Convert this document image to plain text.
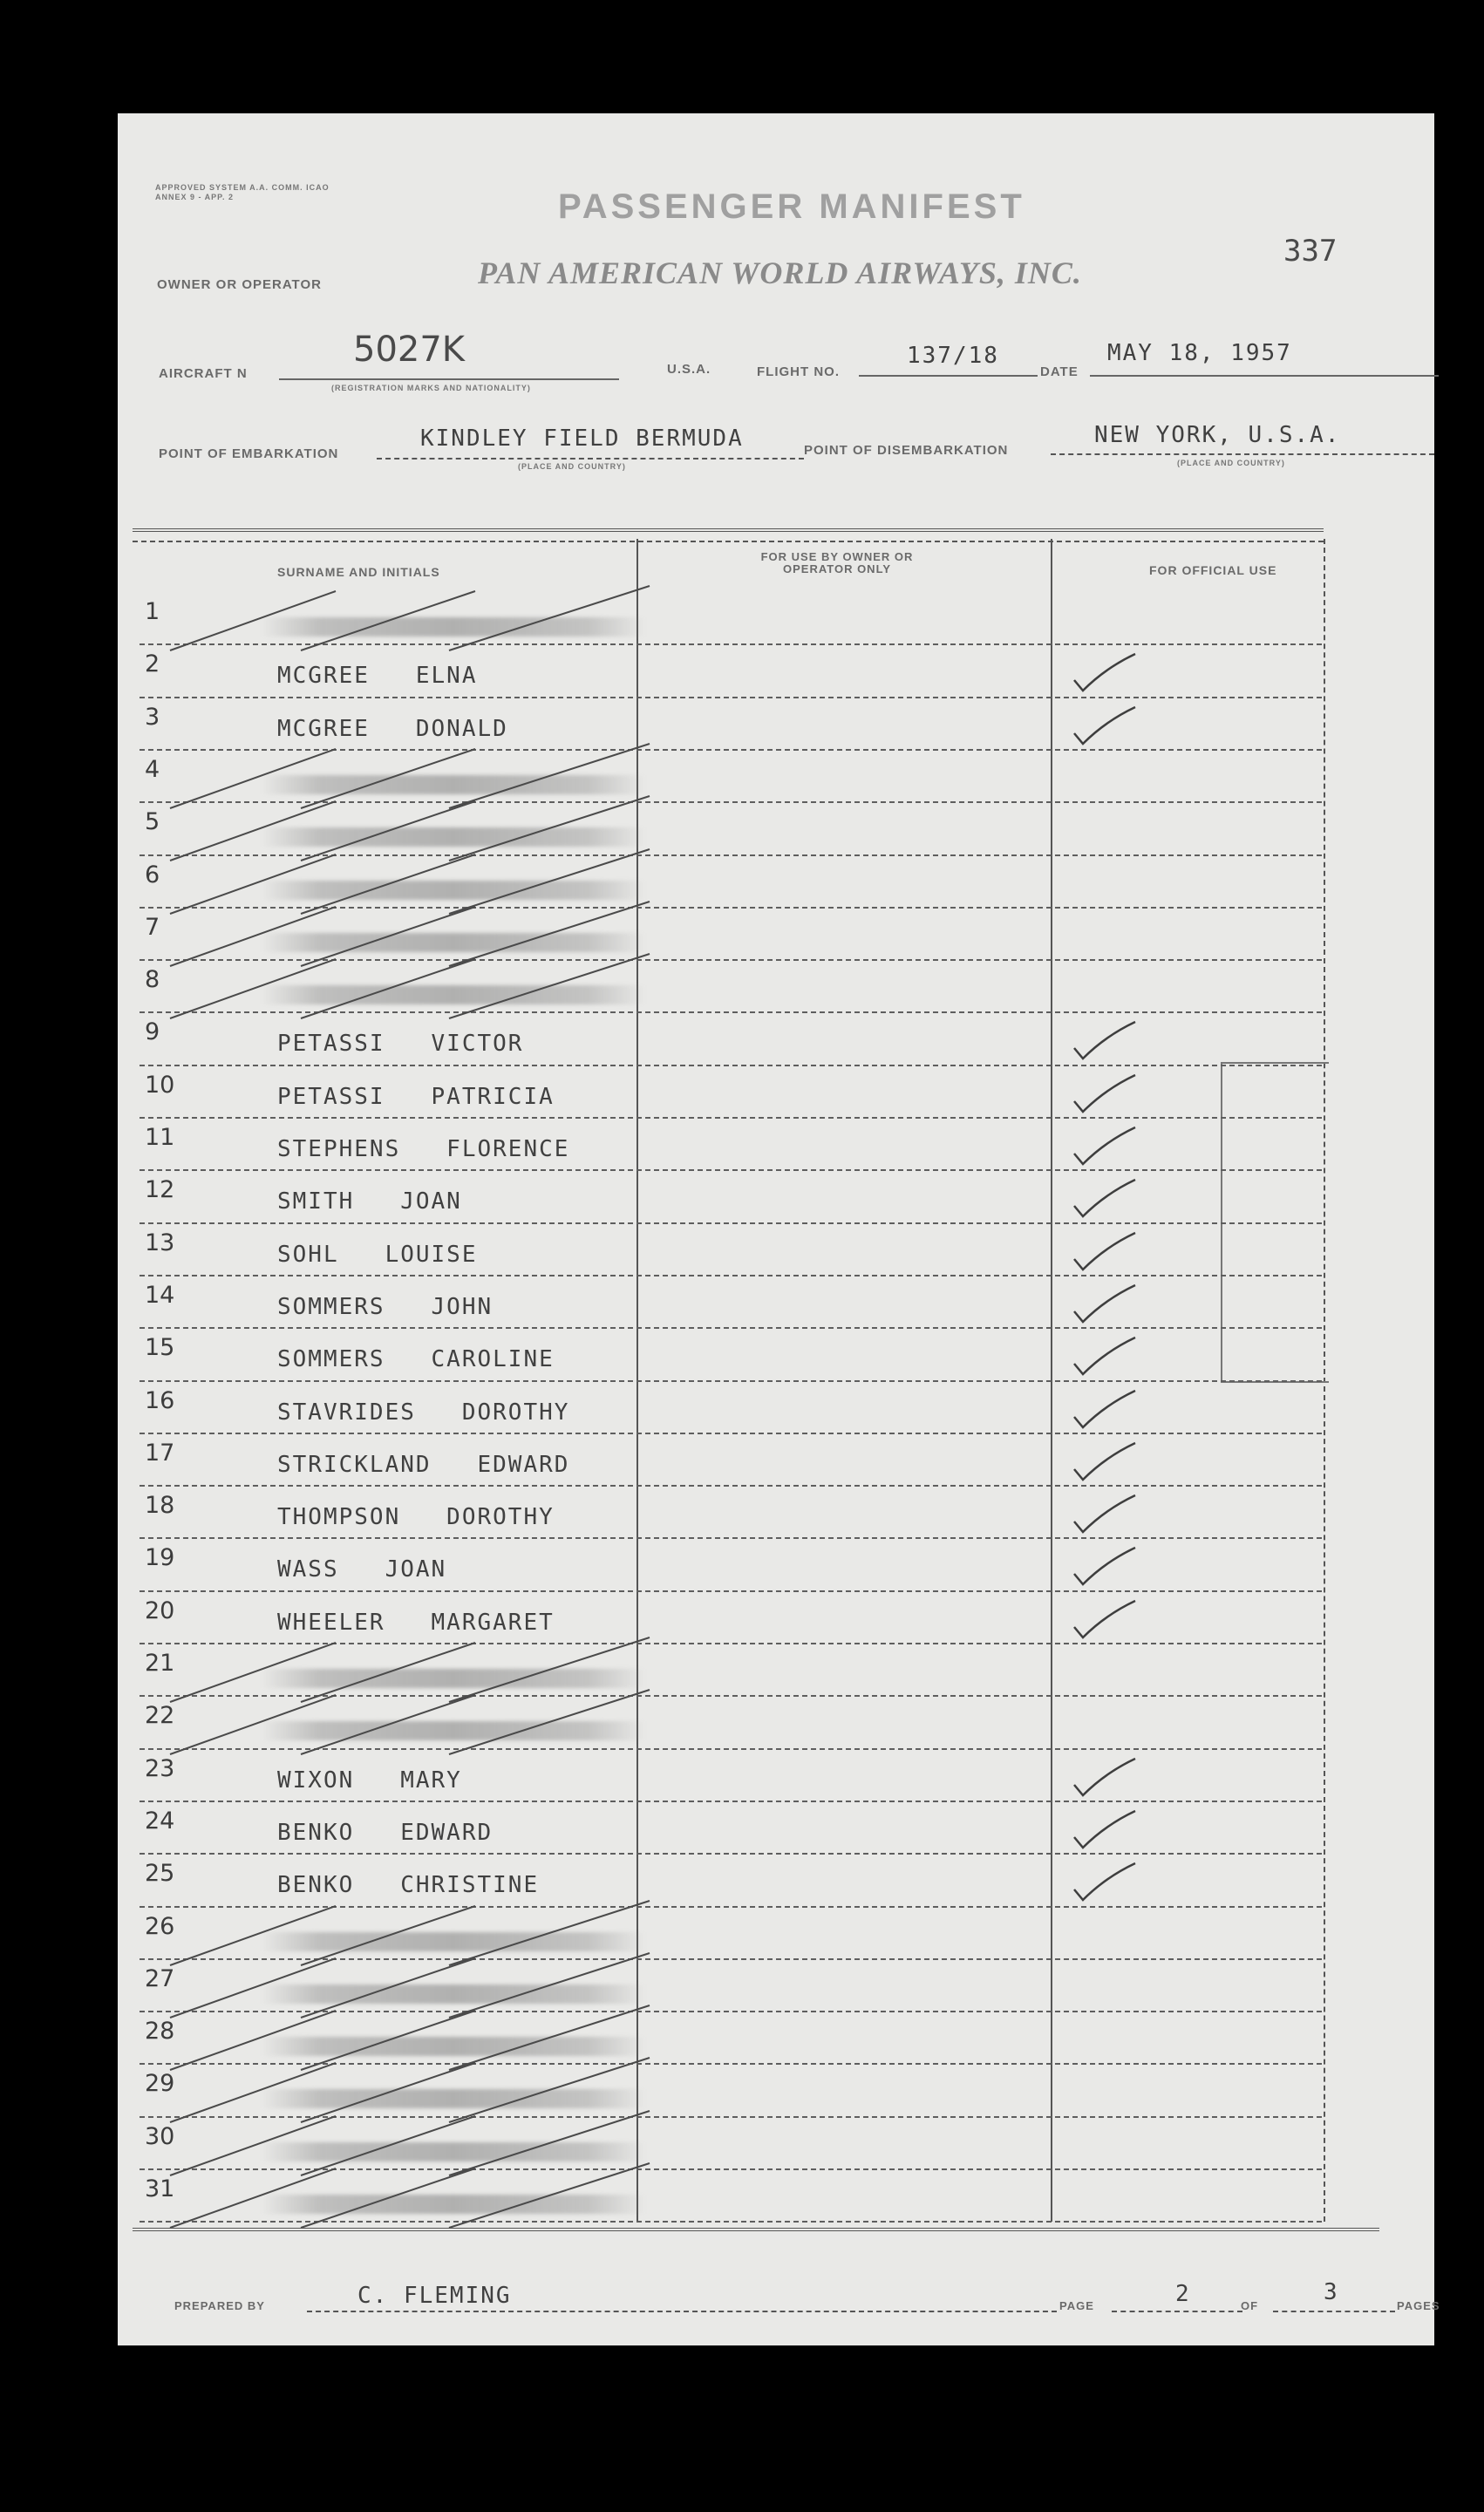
APPROVED SYSTEM A.A. COMM. ICAO ANNEX 9 - APP. 2	PASSENGER MANIFEST
337
OWNER OR OPERATOR	PAN AMERICAN WORLD AIRWAYS, INC.
AIRCRAFT N
5027K
(REGISTRATION MARKS AND NATIONALITY)
U.S.A.	FLIGHT NO.
137/18
DATE
MAY 18, 1957
POINT OF EMBARKATION
KINDLEY FIELD BERMUDA
(PLACE AND COUNTRY)
POINT OF DISEMBARKATION
NEW YORK, U.S.A.
(PLACE AND COUNTRY)
SURNAME AND INITIALS
FOR USE BY OWNER OR OPERATOR ONLY	FOR OFFICIAL USE
1
2	MCGREE   ELNA
3	MCGREE   DONALD
4
5
6
7
8
9	PETASSI   VICTOR
10	PETASSI   PATRICIA
11	STEPHENS   FLORENCE
12	SMITH   JOAN
13	SOHL   LOUISE
14	SOMMERS   JOHN
15	SOMMERS   CAROLINE
16	STAVRIDES   DOROTHY
17	STRICKLAND   EDWARD
18	THOMPSON   DOROTHY
19	WASS   JOAN
20	WHEELER   MARGARET
21
22
23	WIXON   MARY
24	BENKO   EDWARD
25	BENKO   CHRISTINE
26
27
28
29
30
31
PREPARED BY	C. FLEMING	PAGE	2	OF
3
PAGES
